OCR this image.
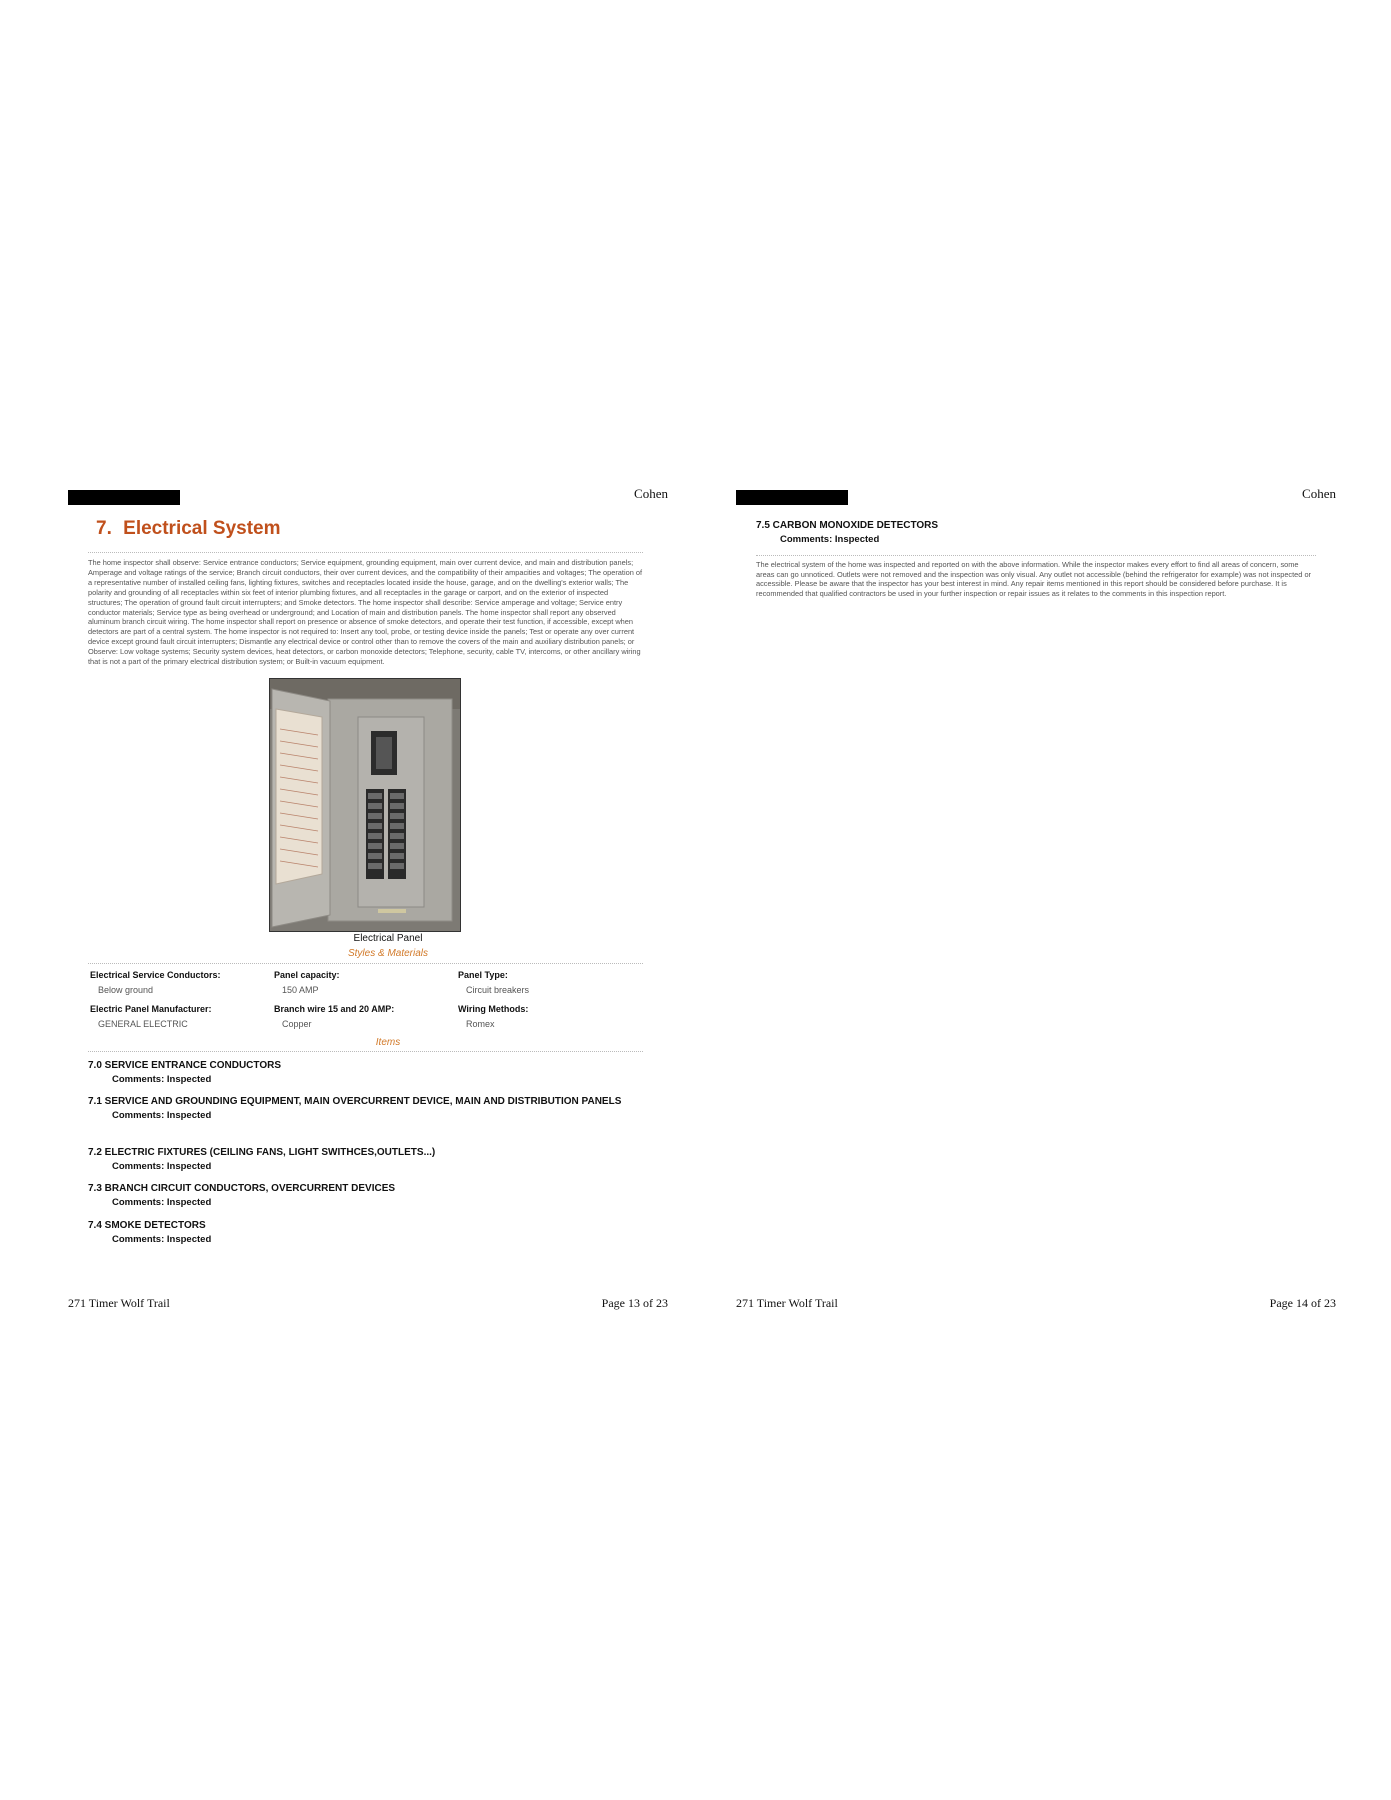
Cohen
7. Electrical System
The home inspector shall observe: Service entrance conductors; Service equipment, grounding equipment, main over current device, and main and distribution panels; Amperage and voltage ratings of the service; Branch circuit conductors, their over current devices, and the compatibility of their ampacities and voltages; The operation of a representative number of installed ceiling fans, lighting fixtures, switches and receptacles located inside the house, garage, and on the dwelling's exterior walls; The polarity and grounding of all receptacles within six feet of interior plumbing fixtures, and all receptacles in the garage or carport, and on the exterior of inspected structures; The operation of ground fault circuit interrupters; and Smoke detectors. The home inspector shall describe: Service amperage and voltage; Service entry conductor materials; Service type as being overhead or underground; and Location of main and distribution panels. The home inspector shall report any observed aluminum branch circuit wiring. The home inspector shall report on presence or absence of smoke detectors, and operate their test function, if accessible, except when detectors are part of a central system. The home inspector is not required to: Insert any tool, probe, or testing device inside the panels; Test or operate any over current device except ground fault circuit interrupters; Dismantle any electrical device or control other than to remove the covers of the main and auxiliary distribution panels; or Observe: Low voltage systems; Security system devices, heat detectors, or carbon monoxide detectors; Telephone, security, cable TV, intercoms, or other ancillary wiring that is not a part of the primary electrical distribution system; or Built-in vacuum equipment.
Electrical Panel
Styles & Materials
Electrical Service Conductors:
Below ground
Panel capacity:
150 AMP
Panel Type:
Circuit breakers
Electric Panel Manufacturer:
GENERAL ELECTRIC
Branch wire 15 and 20 AMP:
Copper
Wiring Methods:
Romex
Items
7.0 SERVICE ENTRANCE CONDUCTORS
Comments: Inspected
7.1 SERVICE AND GROUNDING EQUIPMENT, MAIN OVERCURRENT DEVICE, MAIN AND DISTRIBUTION PANELS
Comments: Inspected
7.2 ELECTRIC FIXTURES (CEILING FANS, LIGHT SWITHCES,OUTLETS...)
Comments: Inspected
7.3 BRANCH CIRCUIT CONDUCTORS, OVERCURRENT DEVICES
Comments: Inspected
7.4 SMOKE DETECTORS
Comments: Inspected
271 Timer Wolf Trail	Page 13 of 23
Cohen
7.5 CARBON MONOXIDE DETECTORS
Comments: Inspected
The electrical system of the home was inspected and reported on with the above information. While the inspector makes every effort to find all areas of concern, some areas can go unnoticed. Outlets were not removed and the inspection was only visual. Any outlet not accessible (behind the refrigerator for example) was not inspected or accessible. Please be aware that the inspector has your best interest in mind. Any repair items mentioned in this report should be considered before purchase. It is recommended that qualified contractors be used in your further inspection or repair issues as it relates to the comments in this inspection report.
271 Timer Wolf Trail	Page 14 of 23
